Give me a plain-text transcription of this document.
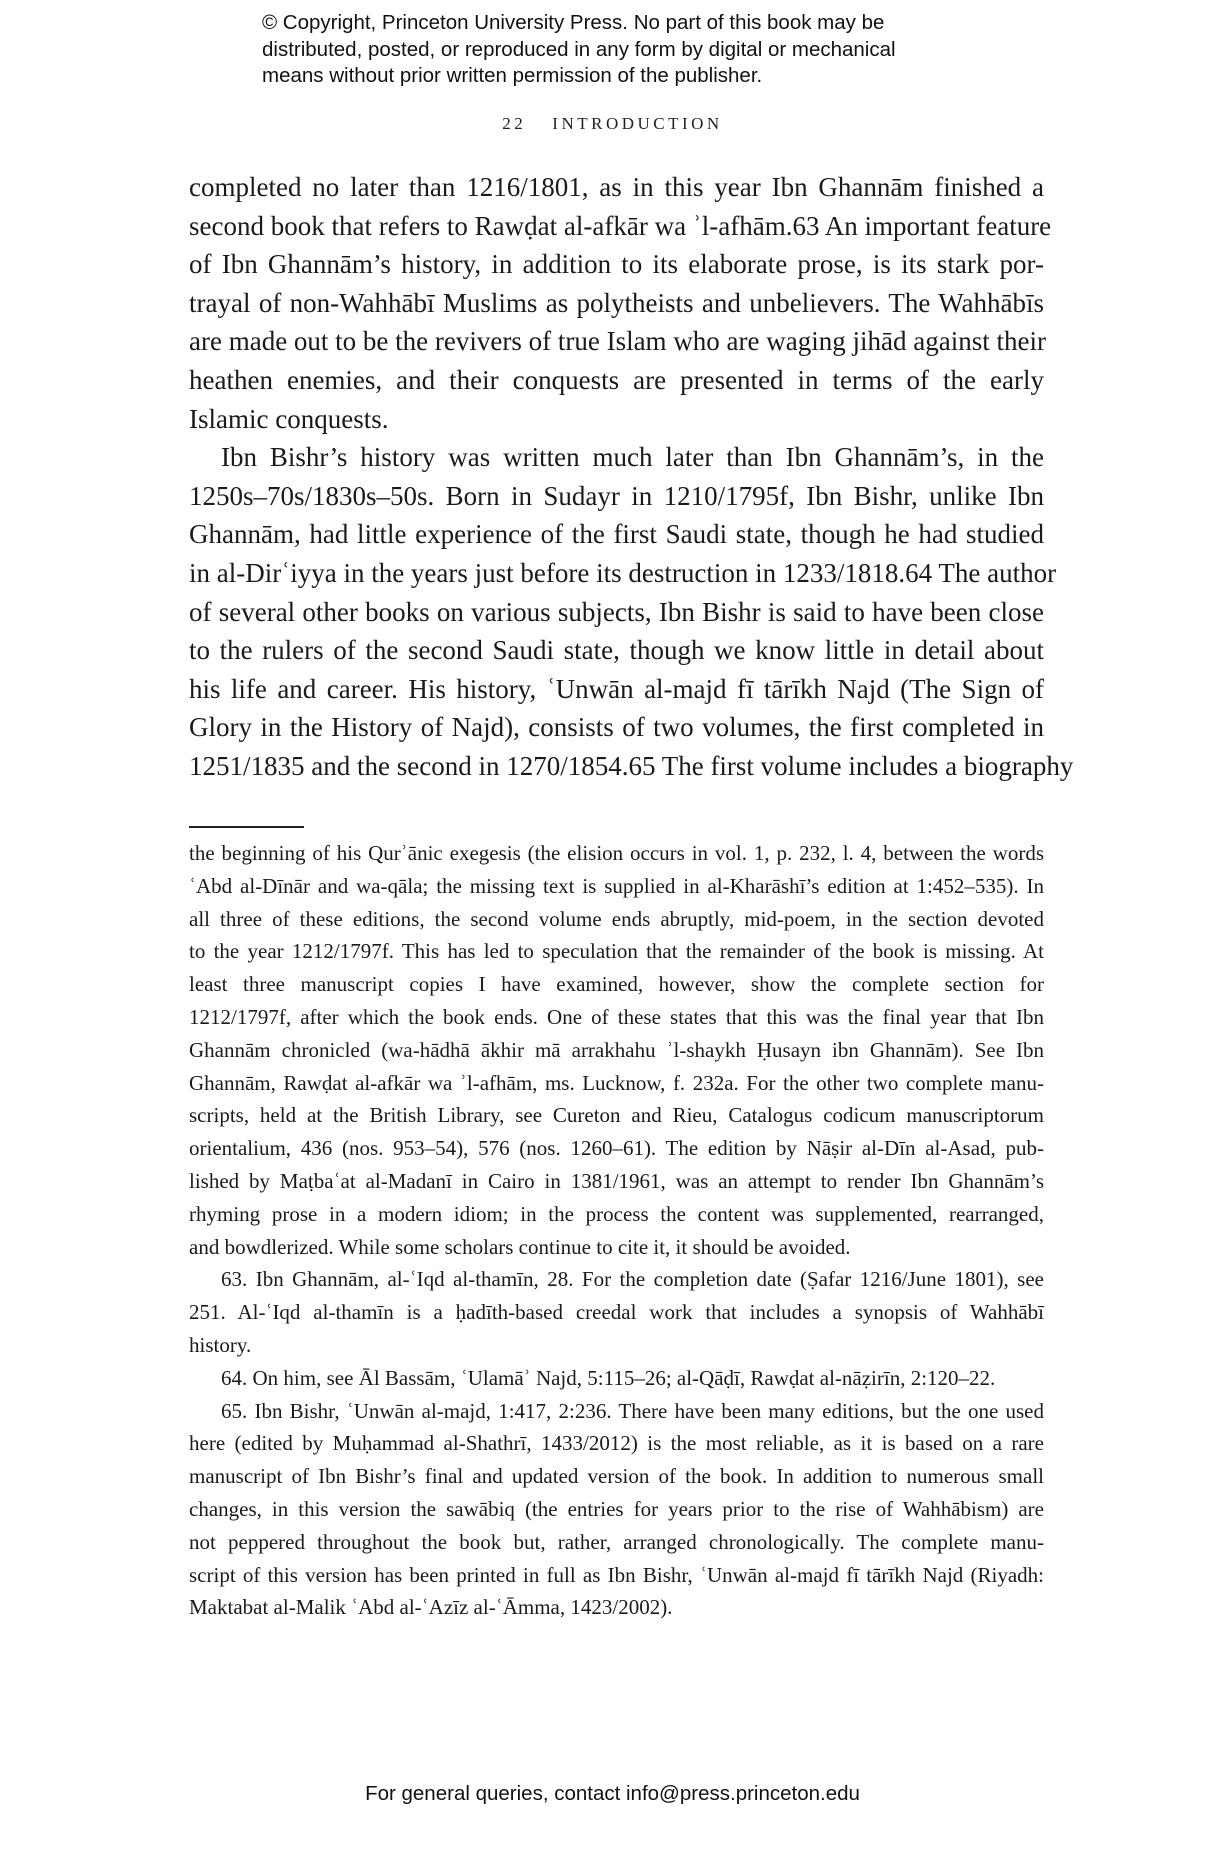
© Copyright, Princeton University Press. No part of this book may be
distributed, posted, or reproduced in any form by digital or mechanical
means without prior written permission of the publisher.
22 INTRODUCTION
completed no later than 1216/1801, as in this year Ibn Ghannām finished a
second book that refers to Rawḍat al-afkār wa ʾl-afhām.63 An important feature
of Ibn Ghannām’s history, in addition to its elaborate prose, is its stark por-
trayal of non-Wahhābī Muslims as polytheists and unbelievers. The Wahhābīs
are made out to be the revivers of true Islam who are waging jihād against their
heathen enemies, and their conquests are presented in terms of the early
Islamic conquests.
Ibn Bishr’s history was written much later than Ibn Ghannām’s, in the
1250s–70s/1830s–50s. Born in Sudayr in 1210/1795f, Ibn Bishr, unlike Ibn
Ghannām, had little experience of the first Saudi state, though he had studied
in al-Dirʿiyya in the years just before its destruction in 1233/1818.64 The author
of several other books on various subjects, Ibn Bishr is said to have been close
to the rulers of the second Saudi state, though we know little in detail about
his life and career. His history, ʿUnwān al-majd fī tārīkh Najd (The Sign of
Glory in the History of Najd), consists of two volumes, the first completed in
1251/1835 and the second in 1270/1854.65 The first volume includes a biography
the beginning of his Qurʾānic exegesis (the elision occurs in vol. 1, p. 232, l. 4, between the words
ʿAbd al-Dīnār and wa-qāla; the missing text is supplied in al-Kharāshī’s edition at 1:452–535). In
all three of these editions, the second volume ends abruptly, mid-poem, in the section devoted
to the year 1212/1797f. This has led to speculation that the remainder of the book is missing. At
least three manuscript copies I have examined, however, show the complete section for
1212/1797f, after which the book ends. One of these states that this was the final year that Ibn
Ghannām chronicled (wa-hādhā ākhir mā arrakhahu ʾl-shaykh Ḥusayn ibn Ghannām). See Ibn
Ghannām, Rawḍat al-afkār wa ʾl-afhām, ms. Lucknow, f. 232a. For the other two complete manu-
scripts, held at the British Library, see Cureton and Rieu, Catalogus codicum manuscriptorum
orientalium, 436 (nos. 953–54), 576 (nos. 1260–61). The edition by Nāṣir al-Dīn al-Asad, pub-
lished by Maṭbaʿat al-Madanī in Cairo in 1381/1961, was an attempt to render Ibn Ghannām’s
rhyming prose in a modern idiom; in the process the content was supplemented, rearranged,
and bowdlerized. While some scholars continue to cite it, it should be avoided.
63. Ibn Ghannām, al-ʿIqd al-thamīn, 28. For the completion date (Ṣafar 1216/June 1801), see
251. Al-ʿIqd al-thamīn is a ḥadīth-based creedal work that includes a synopsis of Wahhābī
history.
64. On him, see Āl Bassām, ʿUlamāʾ Najd, 5:115–26; al-Qāḍī, Rawḍat al-nāẓirīn, 2:120–22.
65. Ibn Bishr, ʿUnwān al-majd, 1:417, 2:236. There have been many editions, but the one used
here (edited by Muḥammad al-Shathrī, 1433/2012) is the most reliable, as it is based on a rare
manuscript of Ibn Bishr’s final and updated version of the book. In addition to numerous small
changes, in this version the sawābiq (the entries for years prior to the rise of Wahhābism) are
not peppered throughout the book but, rather, arranged chronologically. The complete manu-
script of this version has been printed in full as Ibn Bishr, ʿUnwān al-majd fī tārīkh Najd (Riyadh:
Maktabat al-Malik ʿAbd al-ʿAzīz al-ʿĀmma, 1423/2002).
For general queries, contact info@press.princeton.edu
